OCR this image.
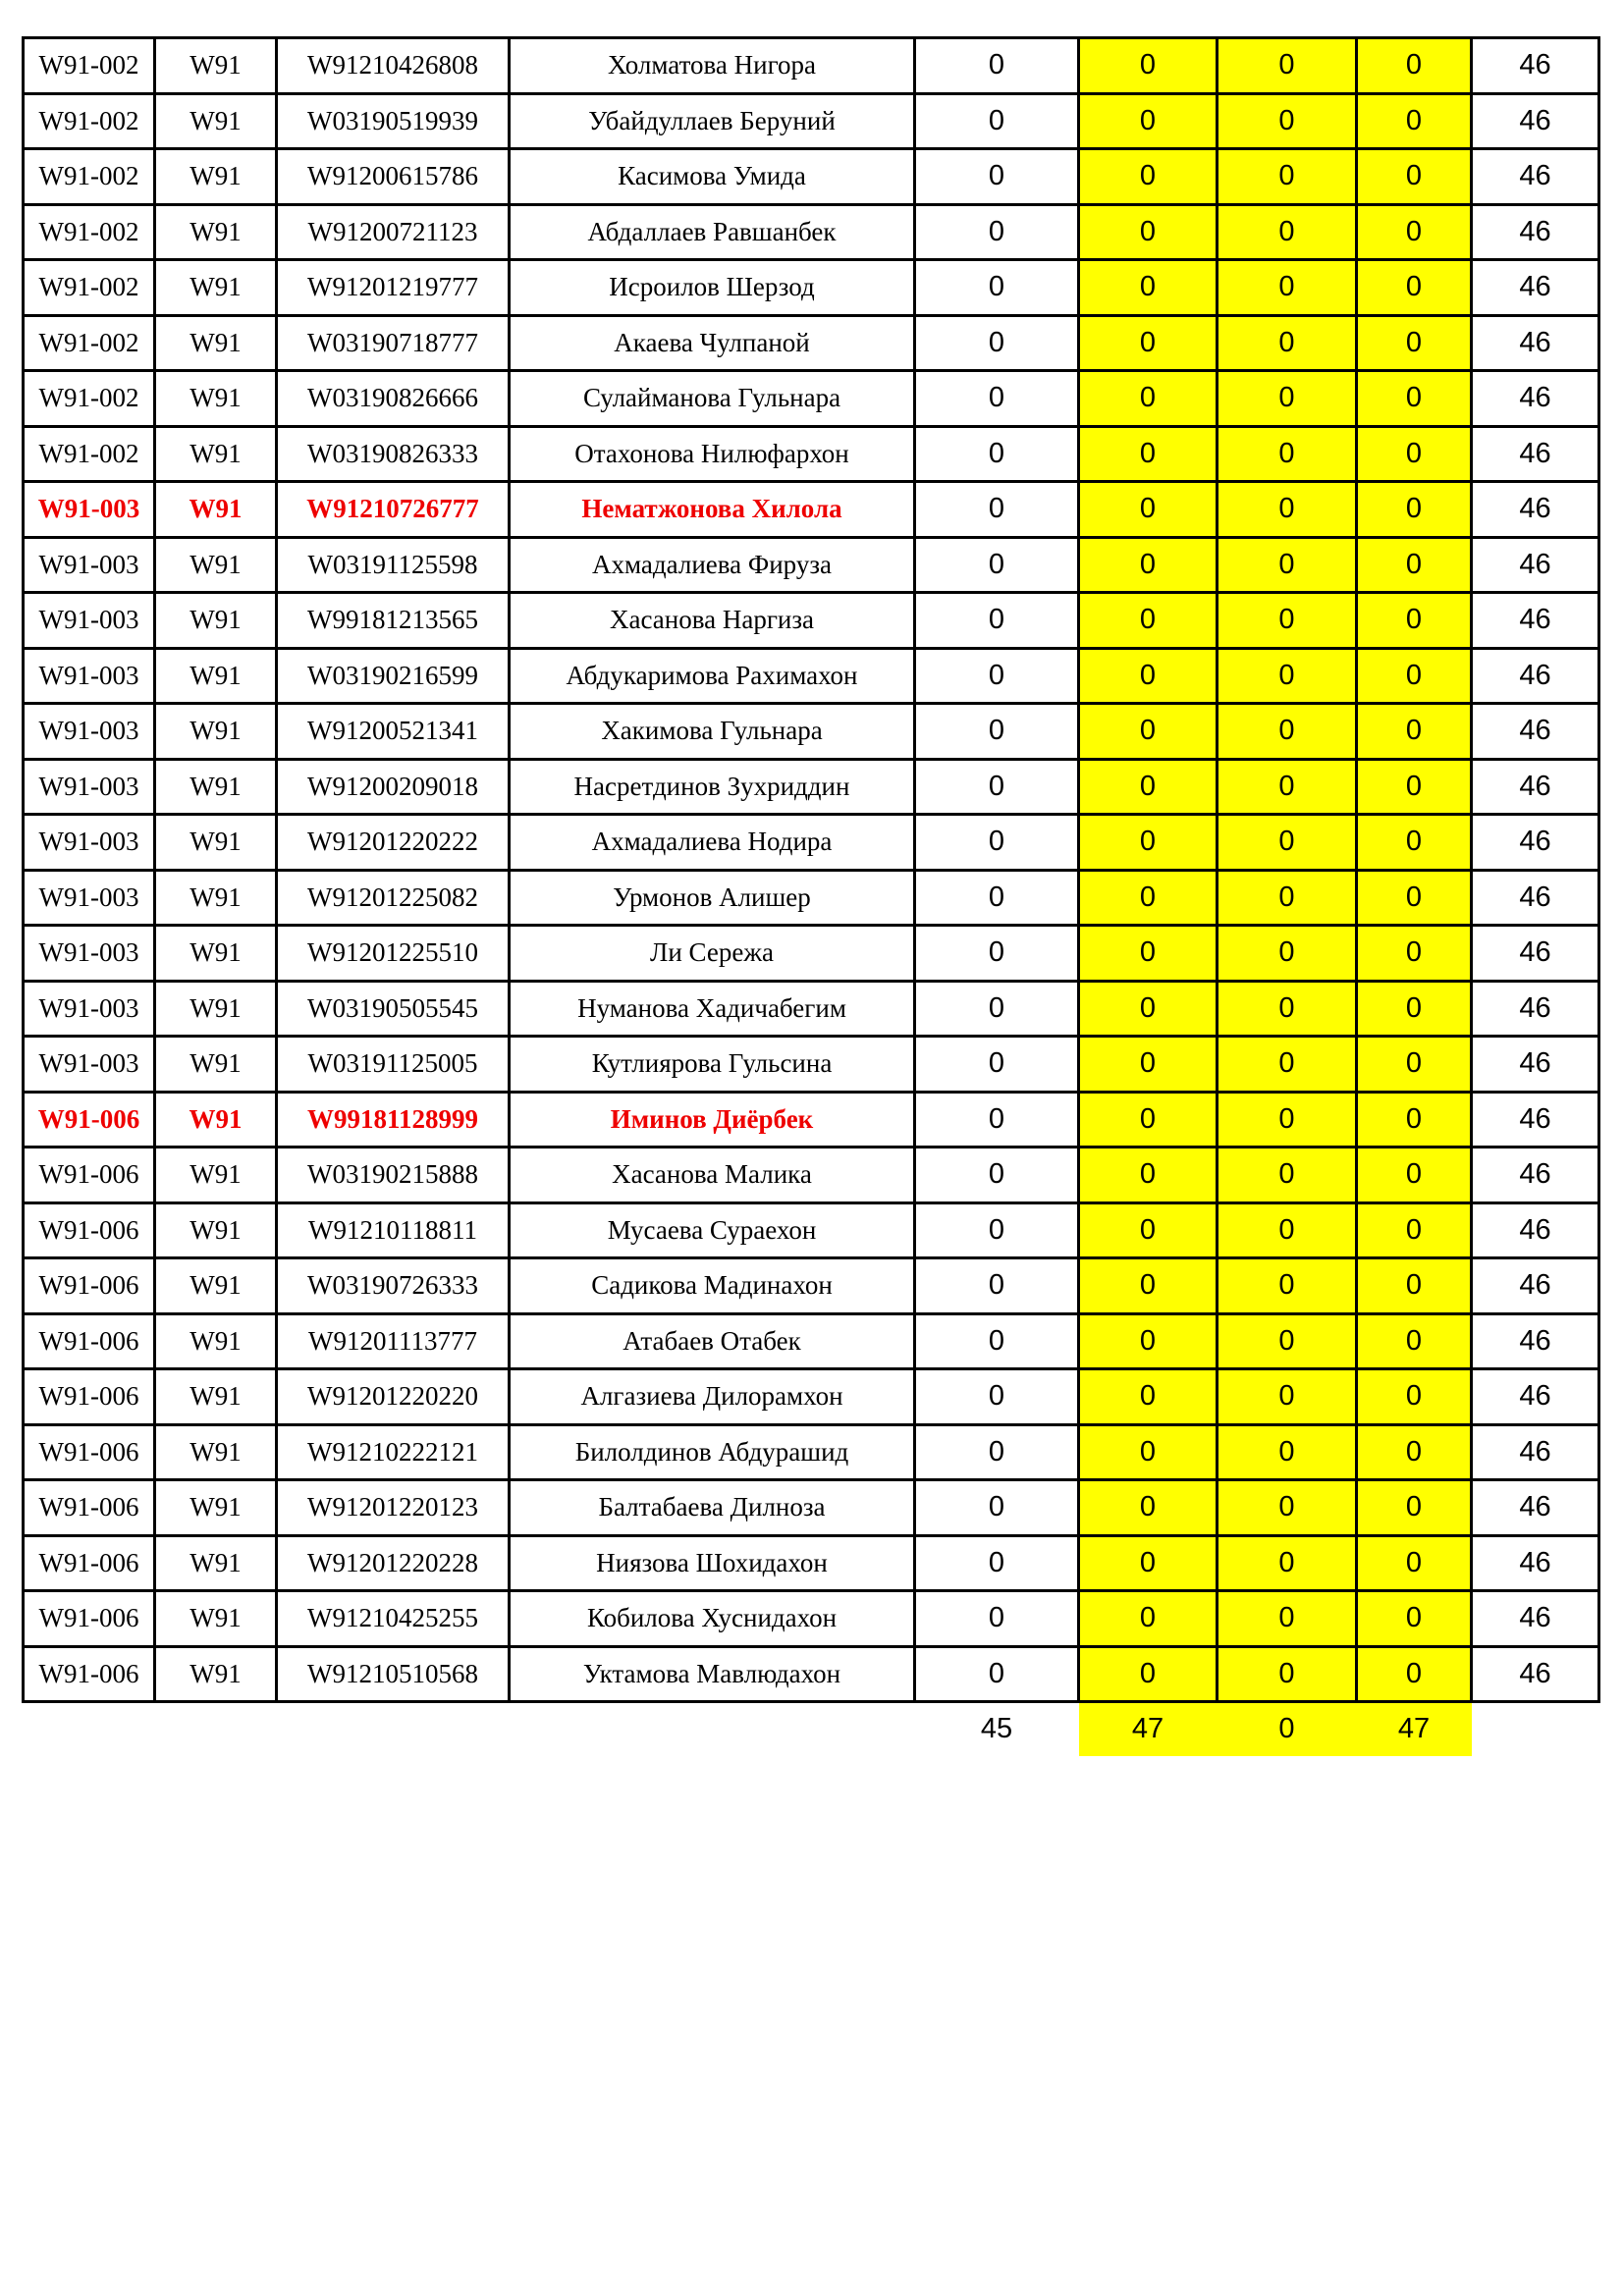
W91-002	W91	W91210426808	Холматова Нигора	0	0	0	0	46
W91-002	W91	W03190519939	Убайдуллаев Беруний	0	0	0	0	46
W91-002	W91	W91200615786	Касимова Умида	0	0	0	0	46
W91-002	W91	W91200721123	Абдаллаев Равшанбек	0	0	0	0	46
W91-002	W91	W91201219777	Исроилов Шерзод	0	0	0	0	46
W91-002	W91	W03190718777	Акаева Чулпаной	0	0	0	0	46
W91-002	W91	W03190826666	Сулайманова Гульнара	0	0	0	0	46
W91-002	W91	W03190826333	Отахонова Нилюфархон	0	0	0	0	46
W91-003	W91	W91210726777	Нематжонова Хилола	0	0	0	0	46
W91-003	W91	W03191125598	Ахмадалиева Фируза	0	0	0	0	46
W91-003	W91	W99181213565	Хасанова Наргиза	0	0	0	0	46
W91-003	W91	W03190216599	Абдукаримова Рахимахон	0	0	0	0	46
W91-003	W91	W91200521341	Хакимова Гульнара	0	0	0	0	46
W91-003	W91	W91200209018	Насретдинов Зухриддин	0	0	0	0	46
W91-003	W91	W91201220222	Ахмадалиева Нодира	0	0	0	0	46
W91-003	W91	W91201225082	Урмонов Алишер	0	0	0	0	46
W91-003	W91	W91201225510	Ли Сережа	0	0	0	0	46
W91-003	W91	W03190505545	Нуманова Хадичабегим	0	0	0	0	46
W91-003	W91	W03191125005	Кутлиярова Гульсина	0	0	0	0	46
W91-006	W91	W99181128999	Иминов Диёрбек	0	0	0	0	46
W91-006	W91	W03190215888	Хасанова Малика	0	0	0	0	46
W91-006	W91	W91210118811	Мусаева Сураехон	0	0	0	0	46
W91-006	W91	W03190726333	Садикова Мадинахон	0	0	0	0	46
W91-006	W91	W91201113777	Атабаев Отабек	0	0	0	0	46
W91-006	W91	W91201220220	Алгазиева Дилорамхон	0	0	0	0	46
W91-006	W91	W91210222121	Билолдинов Абдурашид	0	0	0	0	46
W91-006	W91	W91201220123	Балтабаева Дилноза	0	0	0	0	46
W91-006	W91	W91201220228	Ниязова Шохидахон	0	0	0	0	46
W91-006	W91	W91210425255	Кобилова Хуснидахон	0	0	0	0	46
W91-006	W91	W91210510568	Уктамова Мавлюдахон	0	0	0	0	46
				45	47	0	47	
